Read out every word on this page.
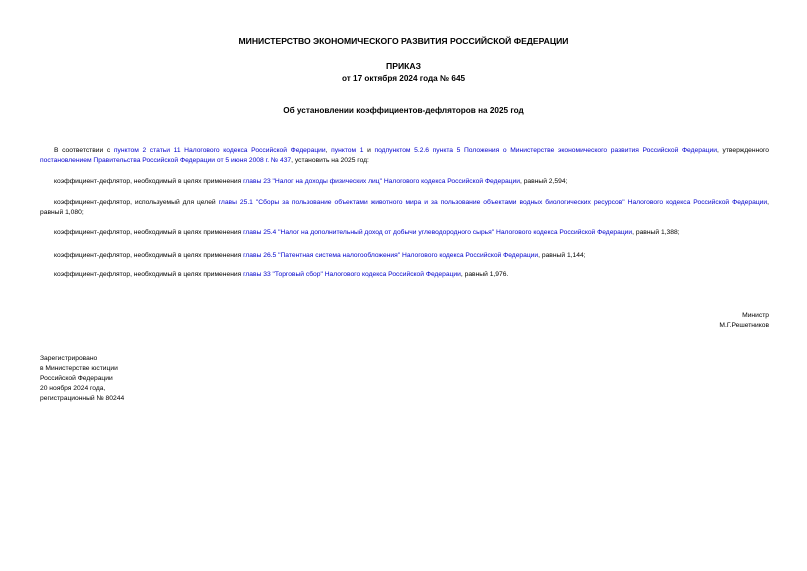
МИНИСТЕРСТВО ЭКОНОМИЧЕСКОГО РАЗВИТИЯ РОССИЙСКОЙ ФЕДЕРАЦИИ
ПРИКАЗ
от 17 октября 2024 года № 645
Об установлении коэффициентов-дефляторов на 2025 год

В соответствии с пунктом 2 статьи 11 Налогового кодекса Российской Федерации, пунктом 1 и подпунктом 5.2.6 пункта 5 Положения о Министерстве экономического развития Российской Федерации, утвержденного постановлением Правительства Российской Федерации от 5 июня 2008 г. № 437, установить на 2025 год:

коэффициент-дефлятор, необходимый в целях применения главы 23 "Налог на доходы физических лиц" Налогового кодекса Российской Федерации, равный 2,594;

коэффициент-дефлятор, используемый для целей главы 25.1 "Сборы за пользование объектами животного мира и за пользование объектами водных биологических ресурсов" Налогового кодекса Российской Федерации, равный 1,080;

коэффициент-дефлятор, необходимый в целях применения главы 25.4 "Налог на дополнительный доход от добычи углеводородного сырья" Налогового кодекса Российской Федерации, равный 1,388;

коэффициент-дефлятор, необходимый в целях применения главы 26.5 "Патентная система налогообложения" Налогового кодекса Российской Федерации, равный 1,144;

коэффициент-дефлятор, необходимый в целях применения главы 33 "Торговый сбор" Налогового кодекса Российской Федерации, равный 1,976.

Министр
М.Г.Решетников
Зарегистрировано
в Министерстве юстиции
Российской Федерации
20 ноября 2024 года,
регистрационный № 80244
